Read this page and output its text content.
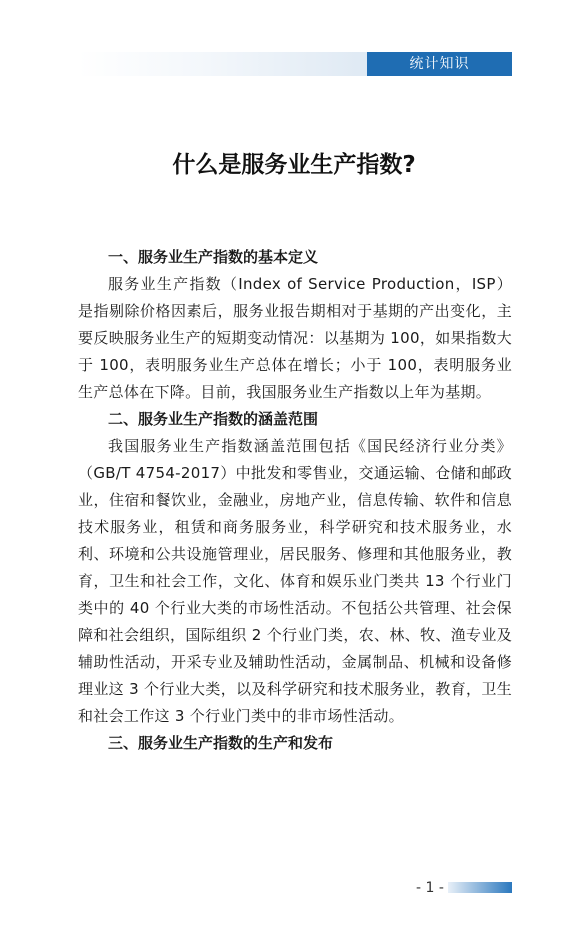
统计知识
什么是服务业生产指数?

一、服务业生产指数的基本定义

服务业生产指数（Index of Service Production，ISP）是指剔除价格因素后，服务业报告期相对于基期的产出变化，主要反映服务业生产的短期变动情况：以基期为 100，如果指数大于 100，表明服务业生产总体在增长；小于 100，表明服务业生产总体在下降。目前，我国服务业生产指数以上年为基期。

二、服务业生产指数的涵盖范围

我国服务业生产指数涵盖范围包括《国民经济行业分类》（GB/T 4754-2017）中批发和零售业，交通运输、仓储和邮政业，住宿和餐饮业，金融业，房地产业，信息传输、软件和信息技术服务业，租赁和商务服务业，科学研究和技术服务业，水利、环境和公共设施管理业，居民服务、修理和其他服务业，教育，卫生和社会工作，文化、体育和娱乐业门类共 13 个行业门类中的 40 个行业大类的市场性活动。不包括公共管理、社会保障和社会组织，国际组织 2 个行业门类，农、林、牧、渔专业及辅助性活动，开采专业及辅助性活动，金属制品、机械和设备修理业这 3 个行业大类，以及科学研究和技术服务业，教育，卫生和社会工作这 3 个行业门类中的非市场性活动。

三、服务业生产指数的生产和发布

- 1 -
